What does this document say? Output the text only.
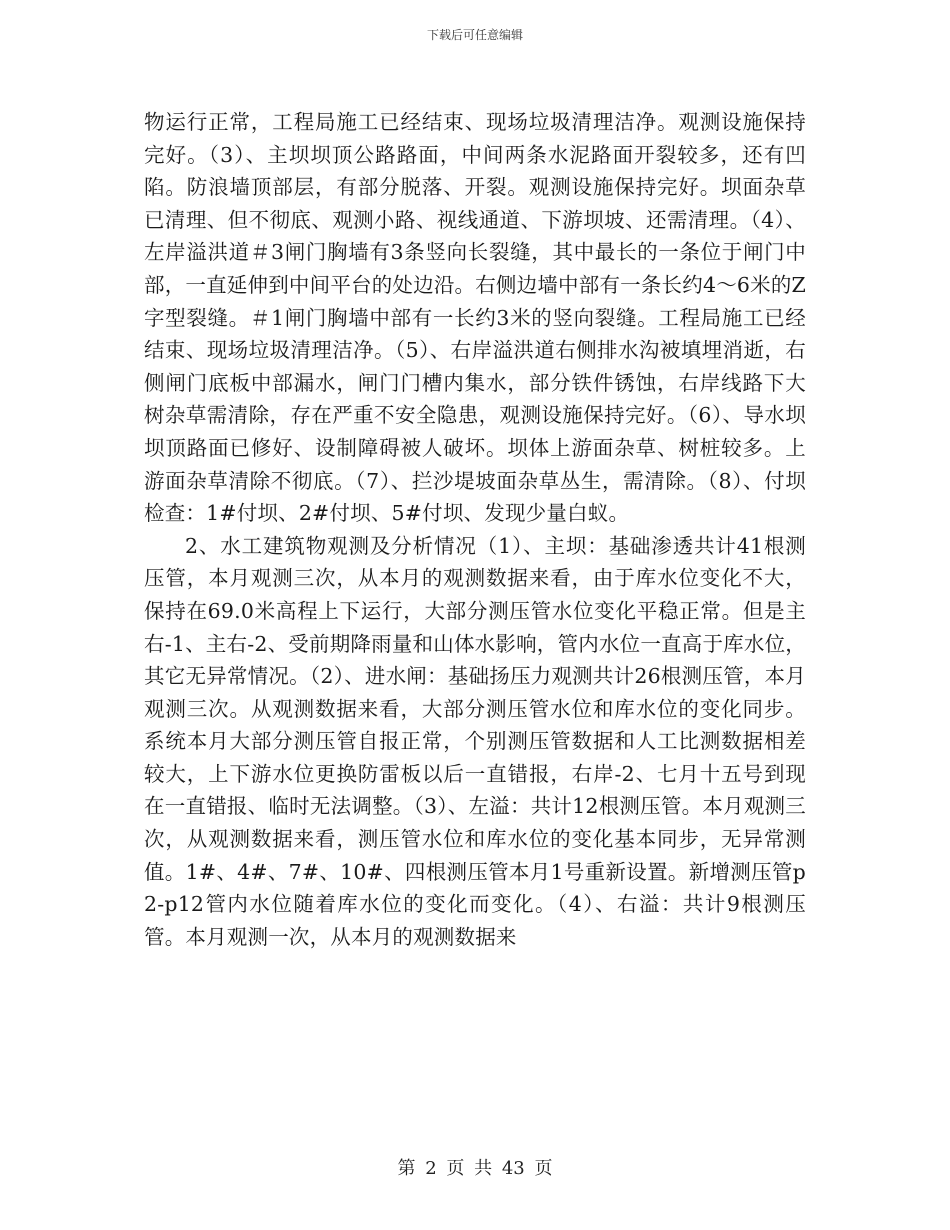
下载后可任意编辑

物运行正常，工程局施工已经结束、现场垃圾清理洁净。观测设施保持完好。（3）、主坝坝顶公路路面，中间两条水泥路面开裂较多，还有凹陷。防浪墙顶部层，有部分脱落、开裂。观测设施保持完好。坝面杂草已清理、但不彻底、观测小路、视线通道、下游坝坡、还需清理。（4）、左岸溢洪道＃3闸门胸墙有3条竖向长裂缝，其中最长的一条位于闸门中部，一直延伸到中间平台的处边沿。右侧边墙中部有一条长约4～6米的Z字型裂缝。＃1闸门胸墙中部有一长约3米的竖向裂缝。工程局施工已经结束、现场垃圾清理洁净。（5）、右岸溢洪道右侧排水沟被填埋消逝，右侧闸门底板中部漏水，闸门门槽内集水，部分铁件锈蚀，右岸线路下大树杂草需清除，存在严重不安全隐患，观测设施保持完好。（6）、导水坝坝顶路面已修好、设制障碍被人破坏。坝体上游面杂草、树桩较多。上游面杂草清除不彻底。（7）、拦沙堤坡面杂草丛生，需清除。（8）、付坝检查：1#付坝、2#付坝、5#付坝、发现少量白蚁。

2、水工建筑物观测及分析情况（1）、主坝：基础渗透共计41根测压管，本月观测三次，从本月的观测数据来看，由于库水位变化不大，保持在69.0米高程上下运行，大部分测压管水位变化平稳正常。但是主右-1、主右-2、受前期降雨量和山体水影响，管内水位一直高于库水位，其它无异常情况。（2）、进水闸：基础扬压力观测共计26根测压管，本月观测三次。从观测数据来看，大部分测压管水位和库水位的变化同步。系统本月大部分测压管自报正常，个别测压管数据和人工比测数据相差较大，上下游水位更换防雷板以后一直错报，右岸-2、七月十五号到现在一直错报、临时无法调整。（3）、左溢：共计12根测压管。本月观测三次，从观测数据来看，测压管水位和库水位的变化基本同步，无异常测值。1#、4#、7#、10#、四根测压管本月1号重新设置。新增测压管p2-p12管内水位随着库水位的变化而变化。（4）、右溢：共计9根测压管。本月观测一次，从本月的观测数据来

第 2 页 共 43 页
